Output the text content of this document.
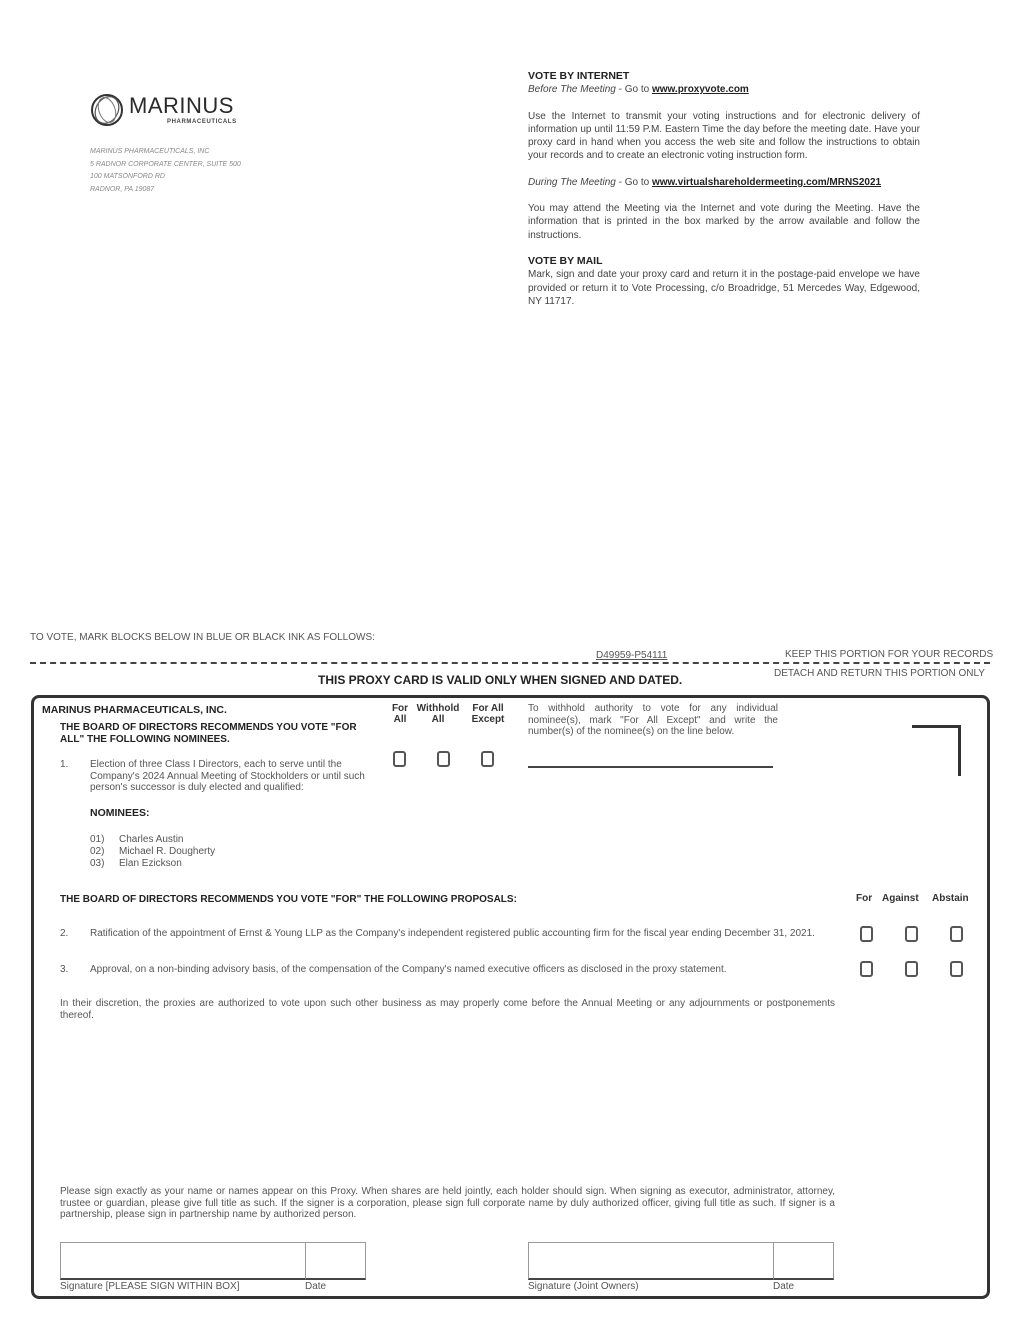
MARINUS
PHARMACEUTICALS
MARINUS PHARMACEUTICALS, INC
5 RADNOR CORPORATE CENTER, SUITE 500
100 MATSONFORD RD
RADNOR, PA 19087
VOTE BY INTERNET

Before The Meeting - Go to www.proxyvote.com

Use the Internet to transmit your voting instructions and for electronic delivery of information up until 11:59 P.M. Eastern Time the day before the meeting date. Have your proxy card in hand when you access the web site and follow the instructions to obtain your records and to create an electronic voting instruction form.

During The Meeting - Go to www.virtualshareholdermeeting.com/MRNS2021

You may attend the Meeting via the Internet and vote during the Meeting. Have the information that is printed in the box marked by the arrow available and follow the instructions.

VOTE BY MAIL

Mark, sign and date your proxy card and return it in the postage-paid envelope we have provided or return it to Vote Processing, c/o Broadridge, 51 Mercedes Way, Edgewood, NY 11717.

TO VOTE, MARK BLOCKS BELOW IN BLUE OR BLACK INK AS FOLLOWS:
D49959-P54111	KEEP THIS PORTION FOR YOUR RECORDS
DETACH AND RETURN THIS PORTION ONLY
THIS PROXY CARD IS VALID ONLY WHEN SIGNED AND DATED.
MARINUS PHARMACEUTICALS, INC.
THE BOARD OF DIRECTORS RECOMMENDS YOU VOTE "FOR ALL" THE FOLLOWING NOMINEES.
For All
Withhold All
For All Except
To withhold authority to vote for any individual nominee(s), mark "For All Except" and write the number(s) of the nominee(s) on the line below.
1. Election of three Class I Directors, each to serve until the Company's 2024 Annual Meeting of Stockholders or until such person's successor is duly elected and qualified:
NOMINEES:
01) Charles Austin
02) Michael R. Dougherty
03) Elan Ezickson
THE BOARD OF DIRECTORS RECOMMENDS YOU VOTE "FOR" THE FOLLOWING PROPOSALS:	For Against Abstain
2. Ratification of the appointment of Ernst & Young LLP as the Company's independent registered public accounting firm for the fiscal year ending December 31, 2021.
3. Approval, on a non-binding advisory basis, of the compensation of the Company's named executive officers as disclosed in the proxy statement.
In their discretion, the proxies are authorized to vote upon such other business as may properly come before the Annual Meeting or any adjournments or postponements thereof.
Please sign exactly as your name or names appear on this Proxy. When shares are held jointly, each holder should sign. When signing as executor, administrator, attorney, trustee or guardian, please give full title as such. If the signer is a corporation, please sign full corporate name by duly authorized officer, giving full title as such. If signer is a partnership, please sign in partnership name by authorized person.
Signature [PLEASE SIGN WITHIN BOX]	Date	Signature (Joint Owners)	Date
